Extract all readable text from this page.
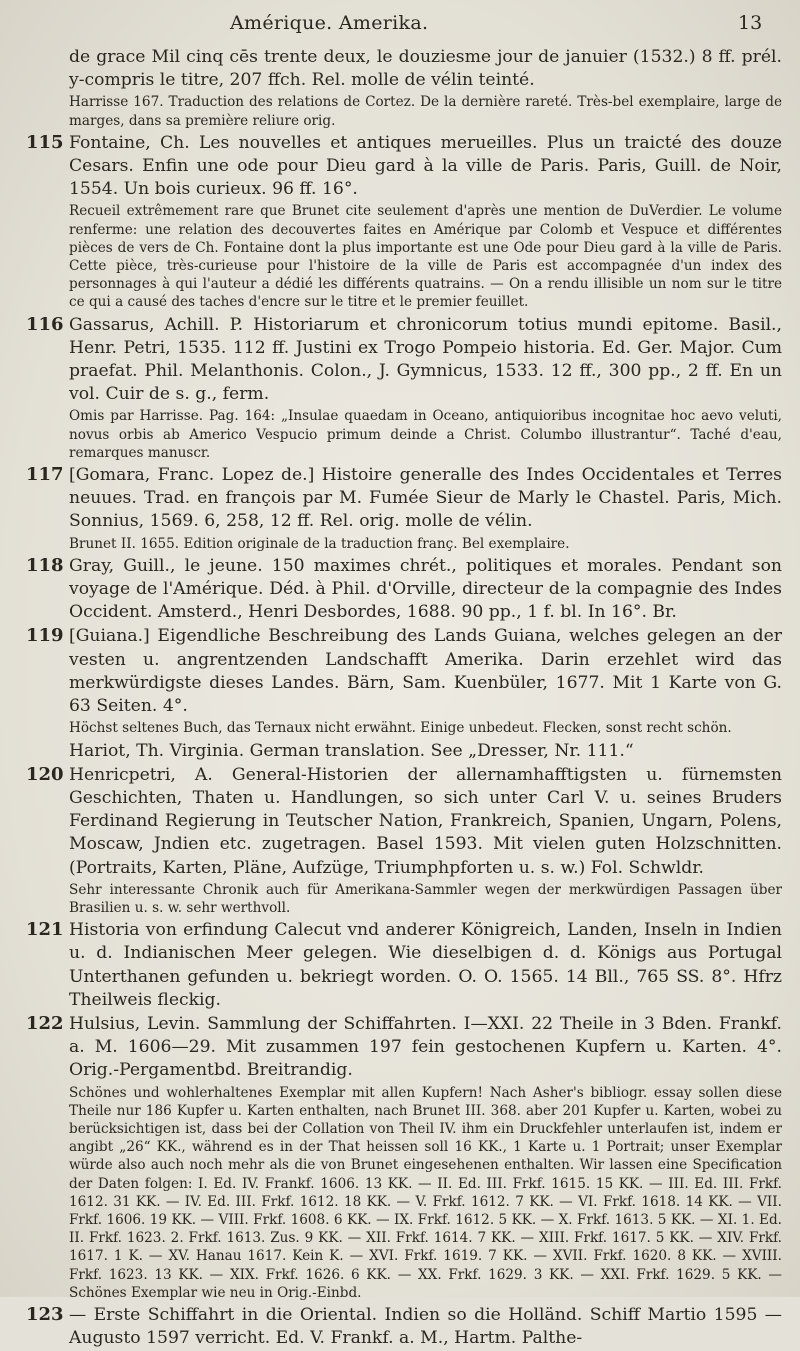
Amérique. Amerika.	13
de grace Mil cinq cēs trente deux, le douziesme jour de januier (1532.) 8 ff. prél. y-compris le titre, 207 ffch. Rel. molle de vélin teinté.
Harrisse 167. Traduction des relations de Cortez. De la dernière rareté. Très-bel exemplaire, large de marges, dans sa première reliure orig.
115 Fontaine, Ch. Les nouvelles et antiques merueilles. Plus un traicté des douze Cesars. Enfin une ode pour Dieu gard à la ville de Paris. Paris, Guill. de Noir, 1554. Un bois curieux. 96 ff. 16°.
Recueil extrêmement rare que Brunet cite seulement d'après une mention de DuVerdier. Le volume renferme: une relation des decouvertes faites en Amérique par Colomb et Vespuce et différentes pièces de vers de Ch. Fontaine dont la plus importante est une Ode pour Dieu gard à la ville de Paris. Cette pièce, très-curieuse pour l'histoire de la ville de Paris est accompagnée d'un index des personnages à qui l'auteur a dédié les différents quatrains. — On a rendu illisible un nom sur le titre ce qui a causé des taches d'encre sur le titre et le premier feuillet.
116 Gassarus, Achill. P. Historiarum et chronicorum totius mundi epitome. Basil., Henr. Petri, 1535. 112 ff. Justini ex Trogo Pompeio historia. Ed. Ger. Major. Cum praefat. Phil. Melanthonis. Colon., J. Gymnicus, 1533. 12 ff., 300 pp., 2 ff. En un vol. Cuir de s. g., ferm.
Omis par Harrisse. Pag. 164: „Insulae quaedam in Oceano, antiquioribus incognitae hoc aevo veluti, novus orbis ab Americo Vespucio primum deinde a Christ. Columbo illustrantur“. Taché d'eau, remarques manuscr.
117 [Gomara, Franc. Lopez de.] Histoire generalle des Indes Occidentales et Terres neuues. Trad. en françois par M. Fumée Sieur de Marly le Chastel. Paris, Mich. Sonnius, 1569. 6, 258, 12 ff. Rel. orig. molle de vélin.
Brunet II. 1655. Edition originale de la traduction franç. Bel exemplaire.
118 Gray, Guill., le jeune. 150 maximes chrét., politiques et morales. Pendant son voyage de l'Amérique. Déd. à Phil. d'Orville, directeur de la compagnie des Indes Occident. Amsterd., Henri Desbordes, 1688. 90 pp., 1 f. bl. In 16°. Br.
119 [Guiana.] Eigendliche Beschreibung des Lands Guiana, welches gelegen an der vesten u. angrentzenden Landschafft Amerika. Darin erzehlet wird das merkwürdigste dieses Landes. Bärn, Sam. Kuenbüler, 1677. Mit 1 Karte von G. 63 Seiten. 4°.
Höchst seltenes Buch, das Ternaux nicht erwähnt. Einige unbedeut. Flecken, sonst recht schön.
Hariot, Th. Virginia. German translation. See „Dresser, Nr. 111.“
120 Henricpetri, A. General-Historien der allernamhafftigsten u. fürnemsten Geschichten, Thaten u. Handlungen, so sich unter Carl V. u. seines Bruders Ferdinand Regierung in Teutscher Nation, Frankreich, Spanien, Ungarn, Polens, Moscaw, Jndien etc. zugetragen. Basel 1593. Mit vielen guten Holzschnitten. (Portraits, Karten, Pläne, Aufzüge, Triumphpforten u. s. w.) Fol. Schwldr.
Sehr interessante Chronik auch für Amerikana-Sammler wegen der merkwürdigen Passagen über Brasilien u. s. w. sehr werthvoll.
121 Historia von erfindung Calecut vnd anderer Königreich, Landen, Inseln in Indien u. d. Indianischen Meer gelegen. Wie dieselbigen d. d. Königs aus Portugal Unterthanen gefunden u. bekriegt worden. O. O. 1565. 14 Bll., 765 SS. 8°. Hfrz Theilweis fleckig.
122 Hulsius, Levin. Sammlung der Schiffahrten. I—XXI. 22 Theile in 3 Bden. Frankf. a. M. 1606—29. Mit zusammen 197 fein gestochenen Kupfern u. Karten. 4°. Orig.-Pergamentbd. Breitrandig.
Schönes und wohlerhaltenes Exemplar mit allen Kupfern! Nach Asher's bibliogr. essay sollen diese Theile nur 186 Kupfer u. Karten enthalten, nach Brunet III. 368. aber 201 Kupfer u. Karten, wobei zu berücksichtigen ist, dass bei der Collation von Theil IV. ihm ein Druckfehler unterlaufen ist, indem er angibt „26“ KK., während es in der That heissen soll 16 KK., 1 Karte u. 1 Portrait; unser Exemplar würde also auch noch mehr als die von Brunet eingesehenen enthalten. Wir lassen eine Specification der Daten folgen: I. Ed. IV. Frankf. 1606. 13 KK. — II. Ed. III. Frkf. 1615. 15 KK. — III. Ed. III. Frkf. 1612. 31 KK. — IV. Ed. III. Frkf. 1612. 18 KK. — V. Frkf. 1612. 7 KK. — VI. Frkf. 1618. 14 KK. — VII. Frkf. 1606. 19 KK. — VIII. Frkf. 1608. 6 KK. — IX. Frkf. 1612. 5 KK. — X. Frkf. 1613. 5 KK. — XI. 1. Ed. II. Frkf. 1623. 2. Frkf. 1613. Zus. 9 KK. — XII. Frkf. 1614. 7 KK. — XIII. Frkf. 1617. 5 KK. — XIV. Frkf. 1617. 1 K. — XV. Hanau 1617. Kein K. — XVI. Frkf. 1619. 7 KK. — XVII. Frkf. 1620. 8 KK. — XVIII. Frkf. 1623. 13 KK. — XIX. Frkf. 1626. 6 KK. — XX. Frkf. 1629. 3 KK. — XXI. Frkf. 1629. 5 KK. — Schönes Exemplar wie neu in Orig.-Einbd.
123 — Erste Schiffahrt in die Oriental. Indien so die Holländ. Schiff Martio 1595 — Augusto 1597 verricht. Ed. V. Frankf. a. M., Hartm. Palthe-
